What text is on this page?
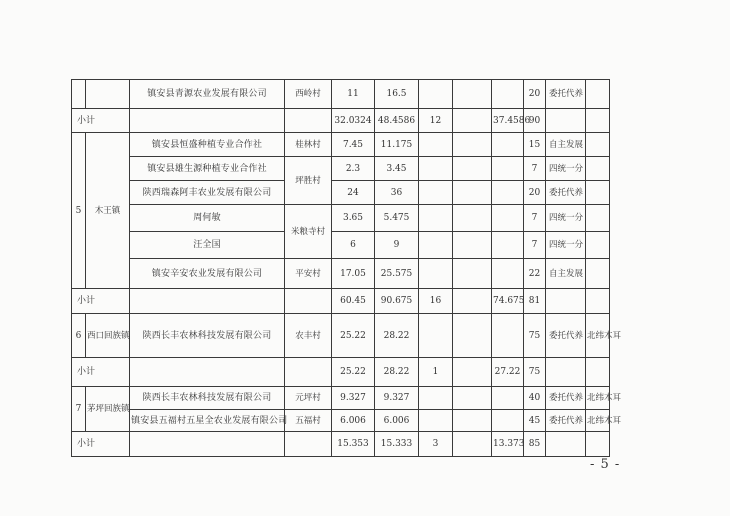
		镇安县青源农业发展有限公司	西岭村	11	16.5				20	委托代养	
小计				32.0324	48.4586	12		37.4586	90		
5	木王镇	镇安县恒盛种植专业合作社	桂林村	7.45	11.175				15	自主发展	
		镇安县雄生源种植专业合作社	坪胜村	2.3	3.45				7	四统一分	
		陕西瑞森阿丰农业发展有限公司		24	36				20	委托代养	
		周何敏	米粮寺村	3.65	5.475				7	四统一分	
		汪全国		6	9				7	四统一分	
		镇安辛安农业发展有限公司	平安村	17.05	25.575				22	自主发展	
小计				60.45	90.675	16		74.675	81		
6	西口回族镇	陕西长丰农林科技发展有限公司	农丰村	25.22	28.22				75	委托代养	北纬木耳
小计				25.22	28.22	1		27.22	75		
7	茅坪回族镇	陕西长丰农林科技发展有限公司	元坪村	9.327	9.327				40	委托代养	北纬木耳
		镇安县五福村五星全农业发展有限公司	五福村	6.006	6.006				45	委托代养	北纬木耳
小计				15.353	15.333	3		13.373	85		
- 5 -
